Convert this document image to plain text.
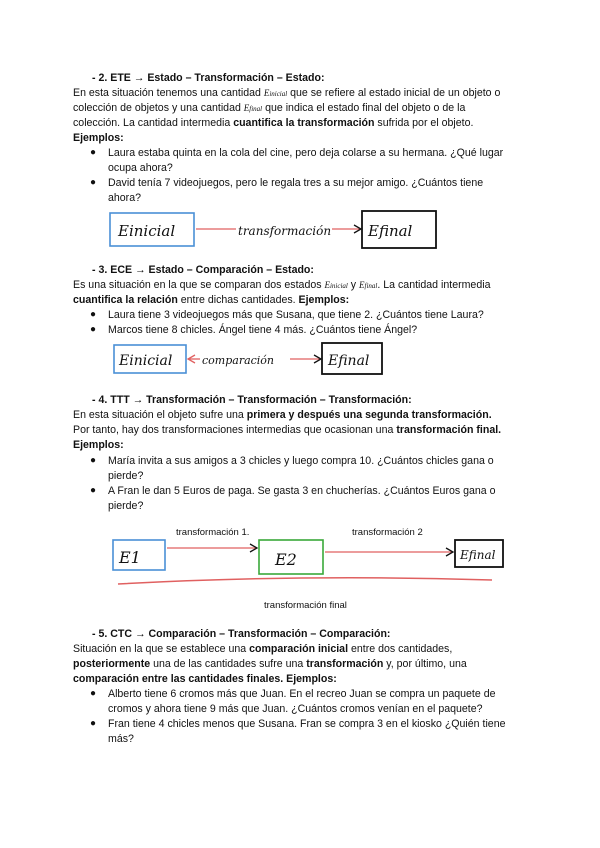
- 2. ETE → Estado – Transformación – Estado:
En esta situación tenemos una cantidad Einicial que se refiere al estado inicial de un objeto o
colección de objetos y una cantidad Efinal que indica el estado final del objeto o de la
colección. La cantidad intermedia cuantifica la transformación sufrida por el objeto.
Ejemplos:
● Laura estaba quinta en la cola del cine, pero deja colarse a su hermana. ¿Qué lugar
ocupa ahora?
● David tenía 7 videojuegos, pero le regala tres a su mejor amigo. ¿Cuántos tiene
ahora?
Einicial	transformación Efinal
- 3. ECE → Estado – Comparación – Estado:
Es una situación en la que se comparan dos estados Einicial y Efinal. La cantidad intermedia
cuantifica la relación entre dichas cantidades. Ejemplos:
● Laura tiene 3 videojuegos más que Susana, que tiene 2. ¿Cuántos tiene Laura?
● Marcos tiene 8 chicles. Ángel tiene 4 más. ¿Cuántos tiene Ángel?
Einicial	comparación	Efinal
- 4. TTT → Transformación – Transformación – Transformación:
En esta situación el objeto sufre una primera y después una segunda transformación.
Por tanto, hay dos transformaciones intermedias que ocasionan una transformación final.
Ejemplos:
● María invita a sus amigos a 3 chicles y luego compra 10. ¿Cuántos chicles gana o
pierde?
● A Fran le dan 5 Euros de paga. Se gasta 3 en chucherías. ¿Cuántos Euros gana o
pierde?
transformación 1.	transformación 2
E1	E2	Efinal
transformación final
- 5. CTC → Comparación – Transformación – Comparación:
Situación en la que se establece una comparación inicial entre dos cantidades,
posteriormente una de las cantidades sufre una transformación y, por último, una
comparación entre las cantidades finales. Ejemplos:
● Alberto tiene 6 cromos más que Juan. En el recreo Juan se compra un paquete de
cromos y ahora tiene 9 más que Juan. ¿Cuántos cromos venían en el paquete?
● Fran tiene 4 chicles menos que Susana. Fran se compra 3 en el kiosko ¿Quién tiene
más?
